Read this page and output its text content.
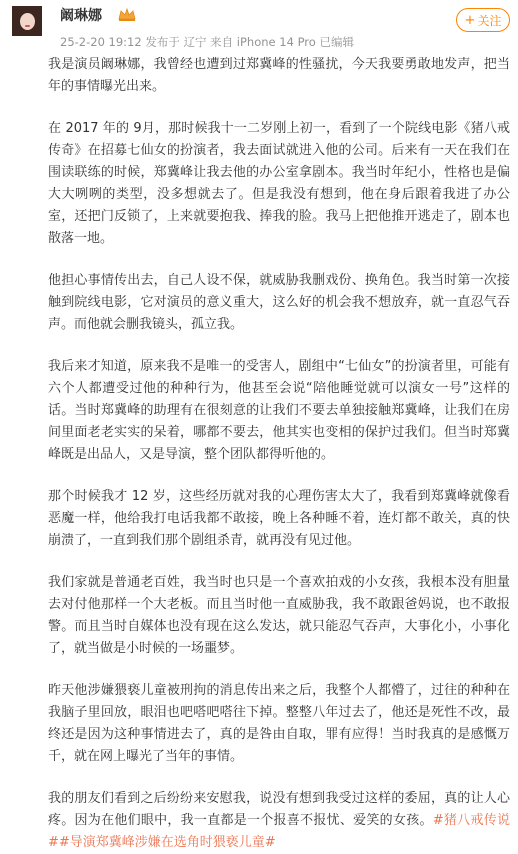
阚琳娜
25-2-20 19:12 发布于 辽宁 来自 iPhone 14 Pro 已编辑
+ 关注

我是演员阚琳娜，我曾经也遭到过郑冀峰的性骚扰，今天我要勇敢地发声，把当年的事情曝光出来。

在 2017 年的 9月，那时候我十一二岁刚上初一，看到了一个院线电影《猪八戒传奇》在招募七仙女的扮演者，我去面试就进入他的公司。后来有一天在我们在围读联练的时候，郑冀峰让我去他的办公室拿剧本。我当时年纪小，性格也是偏大大咧咧的类型，没多想就去了。但是我没有想到，他在身后跟着我进了办公室，还把门反锁了，上来就要抱我、捧我的脸。我马上把他推开逃走了，剧本也散落一地。

他担心事情传出去，自己人设不保，就威胁我删戏份、换角色。我当时第一次接触到院线电影，它对演员的意义重大，这么好的机会我不想放弃，就一直忍气吞声。而他就会删我镜头，孤立我。

我后来才知道，原来我不是唯一的受害人，剧组中“七仙女”的扮演者里，可能有六个人都遭受过他的种种行为，他甚至会说“陪他睡觉就可以演女一号”这样的话。当时郑冀峰的助理有在很刻意的让我们不要去单独接触郑冀峰，让我们在房间里面老老实实的呆着，哪都不要去，他其实也变相的保护过我们。但当时郑冀峰既是出品人，又是导演，整个团队都得听他的。

那个时候我才 12 岁，这些经历就对我的心理伤害太大了，我看到郑冀峰就像看恶魔一样，他给我打电话我都不敢接，晚上各种睡不着，连灯都不敢关，真的快崩溃了，一直到我们那个剧组杀青，就再没有见过他。

我们家就是普通老百姓，我当时也只是一个喜欢拍戏的小女孩，我根本没有胆量去对付他那样一个大老板。而且当时他一直威胁我，我不敢跟爸妈说，也不敢报警。而且当时自媒体也没有现在这么发达，就只能忍气吞声，大事化小，小事化了，就当做是小时候的一场噩梦。

昨天他涉嫌猥亵儿童被刑拘的消息传出来之后，我整个人都懵了，过往的种种在我脑子里回放，眼泪也吧嗒吧嗒往下掉。整整八年过去了，他还是死性不改，最终还是因为这种事情进去了，真的是咎由自取，罪有应得！当时我真的是感慨万千，就在网上曝光了当年的事情。

我的朋友们看到之后纷纷来安慰我，说没有想到我受过这样的委屈，真的让人心疼。因为在他们眼中，我一直都是一个报喜不报忧、爱笑的女孩。#猪八戒传说##导演郑冀峰涉嫌在选角时猥亵儿童#
